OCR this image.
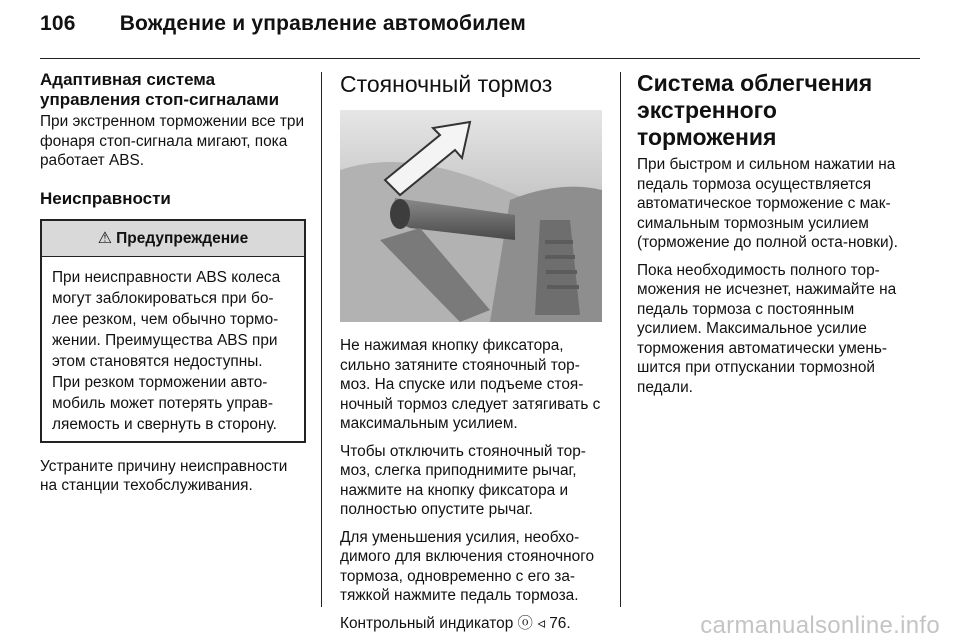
106 Вождение и управление автомобилем

Адаптивная система управления стоп-сигналами

При экстренном торможении все три фонаря стоп-сигнала мигают, пока работает ABS.

Неисправности

⚠ Предупреждение
При неисправности ABS колеса могут заблокироваться при бо-лее резком, чем обычно тормо-жении. Преимущества ABS при этом становятся недоступны. При резком торможении авто-мобиль может потерять управ-ляемость и свернуть в сторону.

Устраните причину неисправности на станции техобслуживания.

Стояночный тормоз

Не нажимая кнопку фиксатора, сильно затяните стояночный тор-моз. На спуске или подъеме стоя-ночный тормоз следует затягивать с максимальным усилием.

Чтобы отключить стояночный тор-моз, слегка приподнимите рычаг, нажмите на кнопку фиксатора и полностью опустите рычаг.

Для уменьшения усилия, необхо-димого для включения стояночного тормоза, одновременно с его за-тяжкой нажмите педаль тормоза.

Контрольный индикатор ⓞ ◃ 76.

Система облегчения экстренного торможения

При быстром и сильном нажатии на педаль тормоза осуществляется автоматическое торможение с мак-симальным тормозным усилием (торможение до полной оста-новки).

Пока необходимость полного тор-можения не исчезнет, нажимайте на педаль тормоза с постоянным усилием. Максимальное усилие торможения автоматически умень-шится при отпускании тормозной педали.

carmanualsonline.info
